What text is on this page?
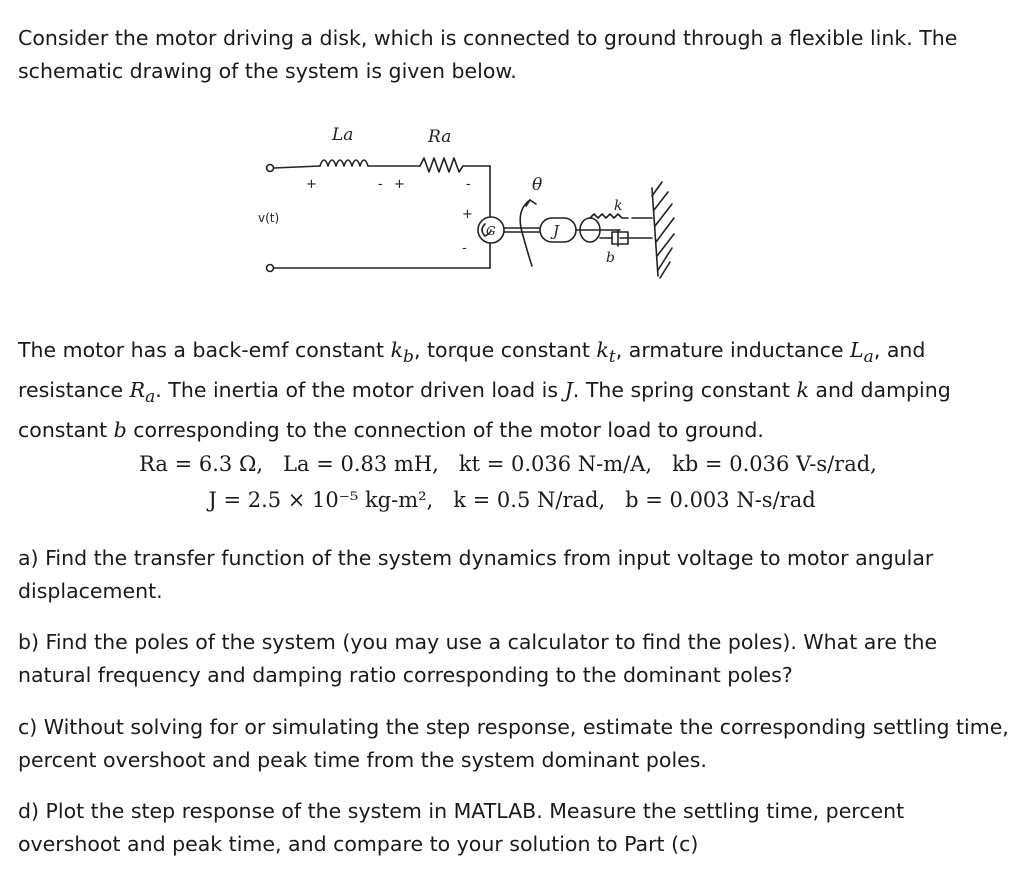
Consider the motor driving a disk, which is connected to ground through a flexible link. The schematic drawing of the system is given below.

La	Ra
θ
v(t)
J
k
b
G
+	- +	-
+
-

The motor has a back-emf constant $k_b$, torque constant $k_t$, armature inductance $L_a$, and resistance $R_a$. The inertia of the motor driven load is J. The spring constant k and damping constant b corresponding to the connection of the motor load to ground.

Ra = 6.3 Ω,   La = 0.83 mH,   kt = 0.036 N-m/A,   kb = 0.036 V-s/rad,
J = 2.5 × 10⁻⁵ kg-m²,   k = 0.5 N/rad,   b = 0.003 N-s/rad

a) Find the transfer function of the system dynamics from input voltage to motor angular displacement.

b) Find the poles of the system (you may use a calculator to find the poles). What are the natural frequency and damping ratio corresponding to the dominant poles?

c) Without solving for or simulating the step response, estimate the corresponding settling time, percent overshoot and peak time from the system dominant poles.

d) Plot the step response of the system in MATLAB. Measure the settling time, percent overshoot and peak time, and compare to your solution to Part (c)
